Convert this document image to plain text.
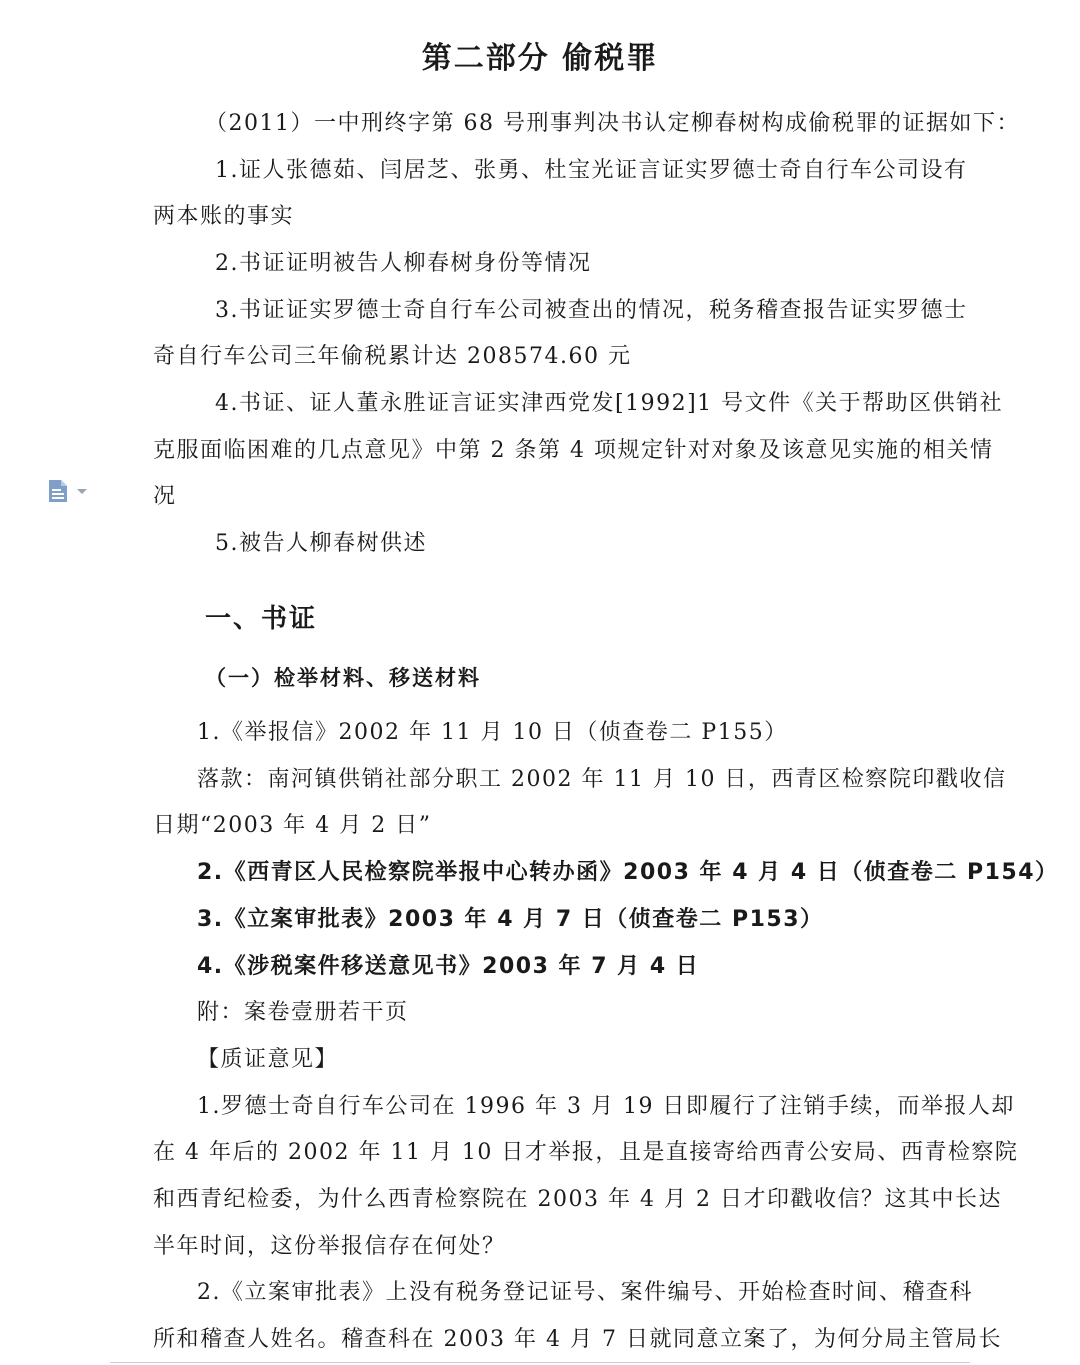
第二部分 偷税罪
（2011）一中刑终字第 68 号刑事判决书认定柳春树构成偷税罪的证据如下：
1.证人张德茹、闫居芝、张勇、杜宝光证言证实罗德士奇自行车公司设有
两本账的事实
2.书证证明被告人柳春树身份等情况
3.书证证实罗德士奇自行车公司被查出的情况，税务稽查报告证实罗德士
奇自行车公司三年偷税累计达 208574.60 元
4.书证、证人董永胜证言证实津西党发[1992]1 号文件《关于帮助区供销社
克服面临困难的几点意见》中第 2 条第 4 项规定针对对象及该意见实施的相关情
况
5.被告人柳春树供述
一、书证
（一）检举材料、移送材料
1.《举报信》2002 年 11 月 10 日（侦查卷二 P155）
落款：南河镇供销社部分职工 2002 年 11 月 10 日，西青区检察院印戳收信
日期“2003 年 4 月 2 日”
2.《西青区人民检察院举报中心转办函》2003 年 4 月 4 日（侦查卷二 P154）
3.《立案审批表》2003 年 4 月 7 日（侦查卷二 P153）
4.《涉税案件移送意见书》2003 年 7 月 4 日
附：案卷壹册若干页
【质证意见】
1.罗德士奇自行车公司在 1996 年 3 月 19 日即履行了注销手续，而举报人却
在 4 年后的 2002 年 11 月 10 日才举报，且是直接寄给西青公安局、西青检察院
和西青纪检委，为什么西青检察院在 2003 年 4 月 2 日才印戳收信？这其中长达
半年时间，这份举报信存在何处？
2.《立案审批表》上没有税务登记证号、案件编号、开始检查时间、稽查科
所和稽查人姓名。稽查科在 2003 年 4 月 7 日就同意立案了，为何分局主管局长
